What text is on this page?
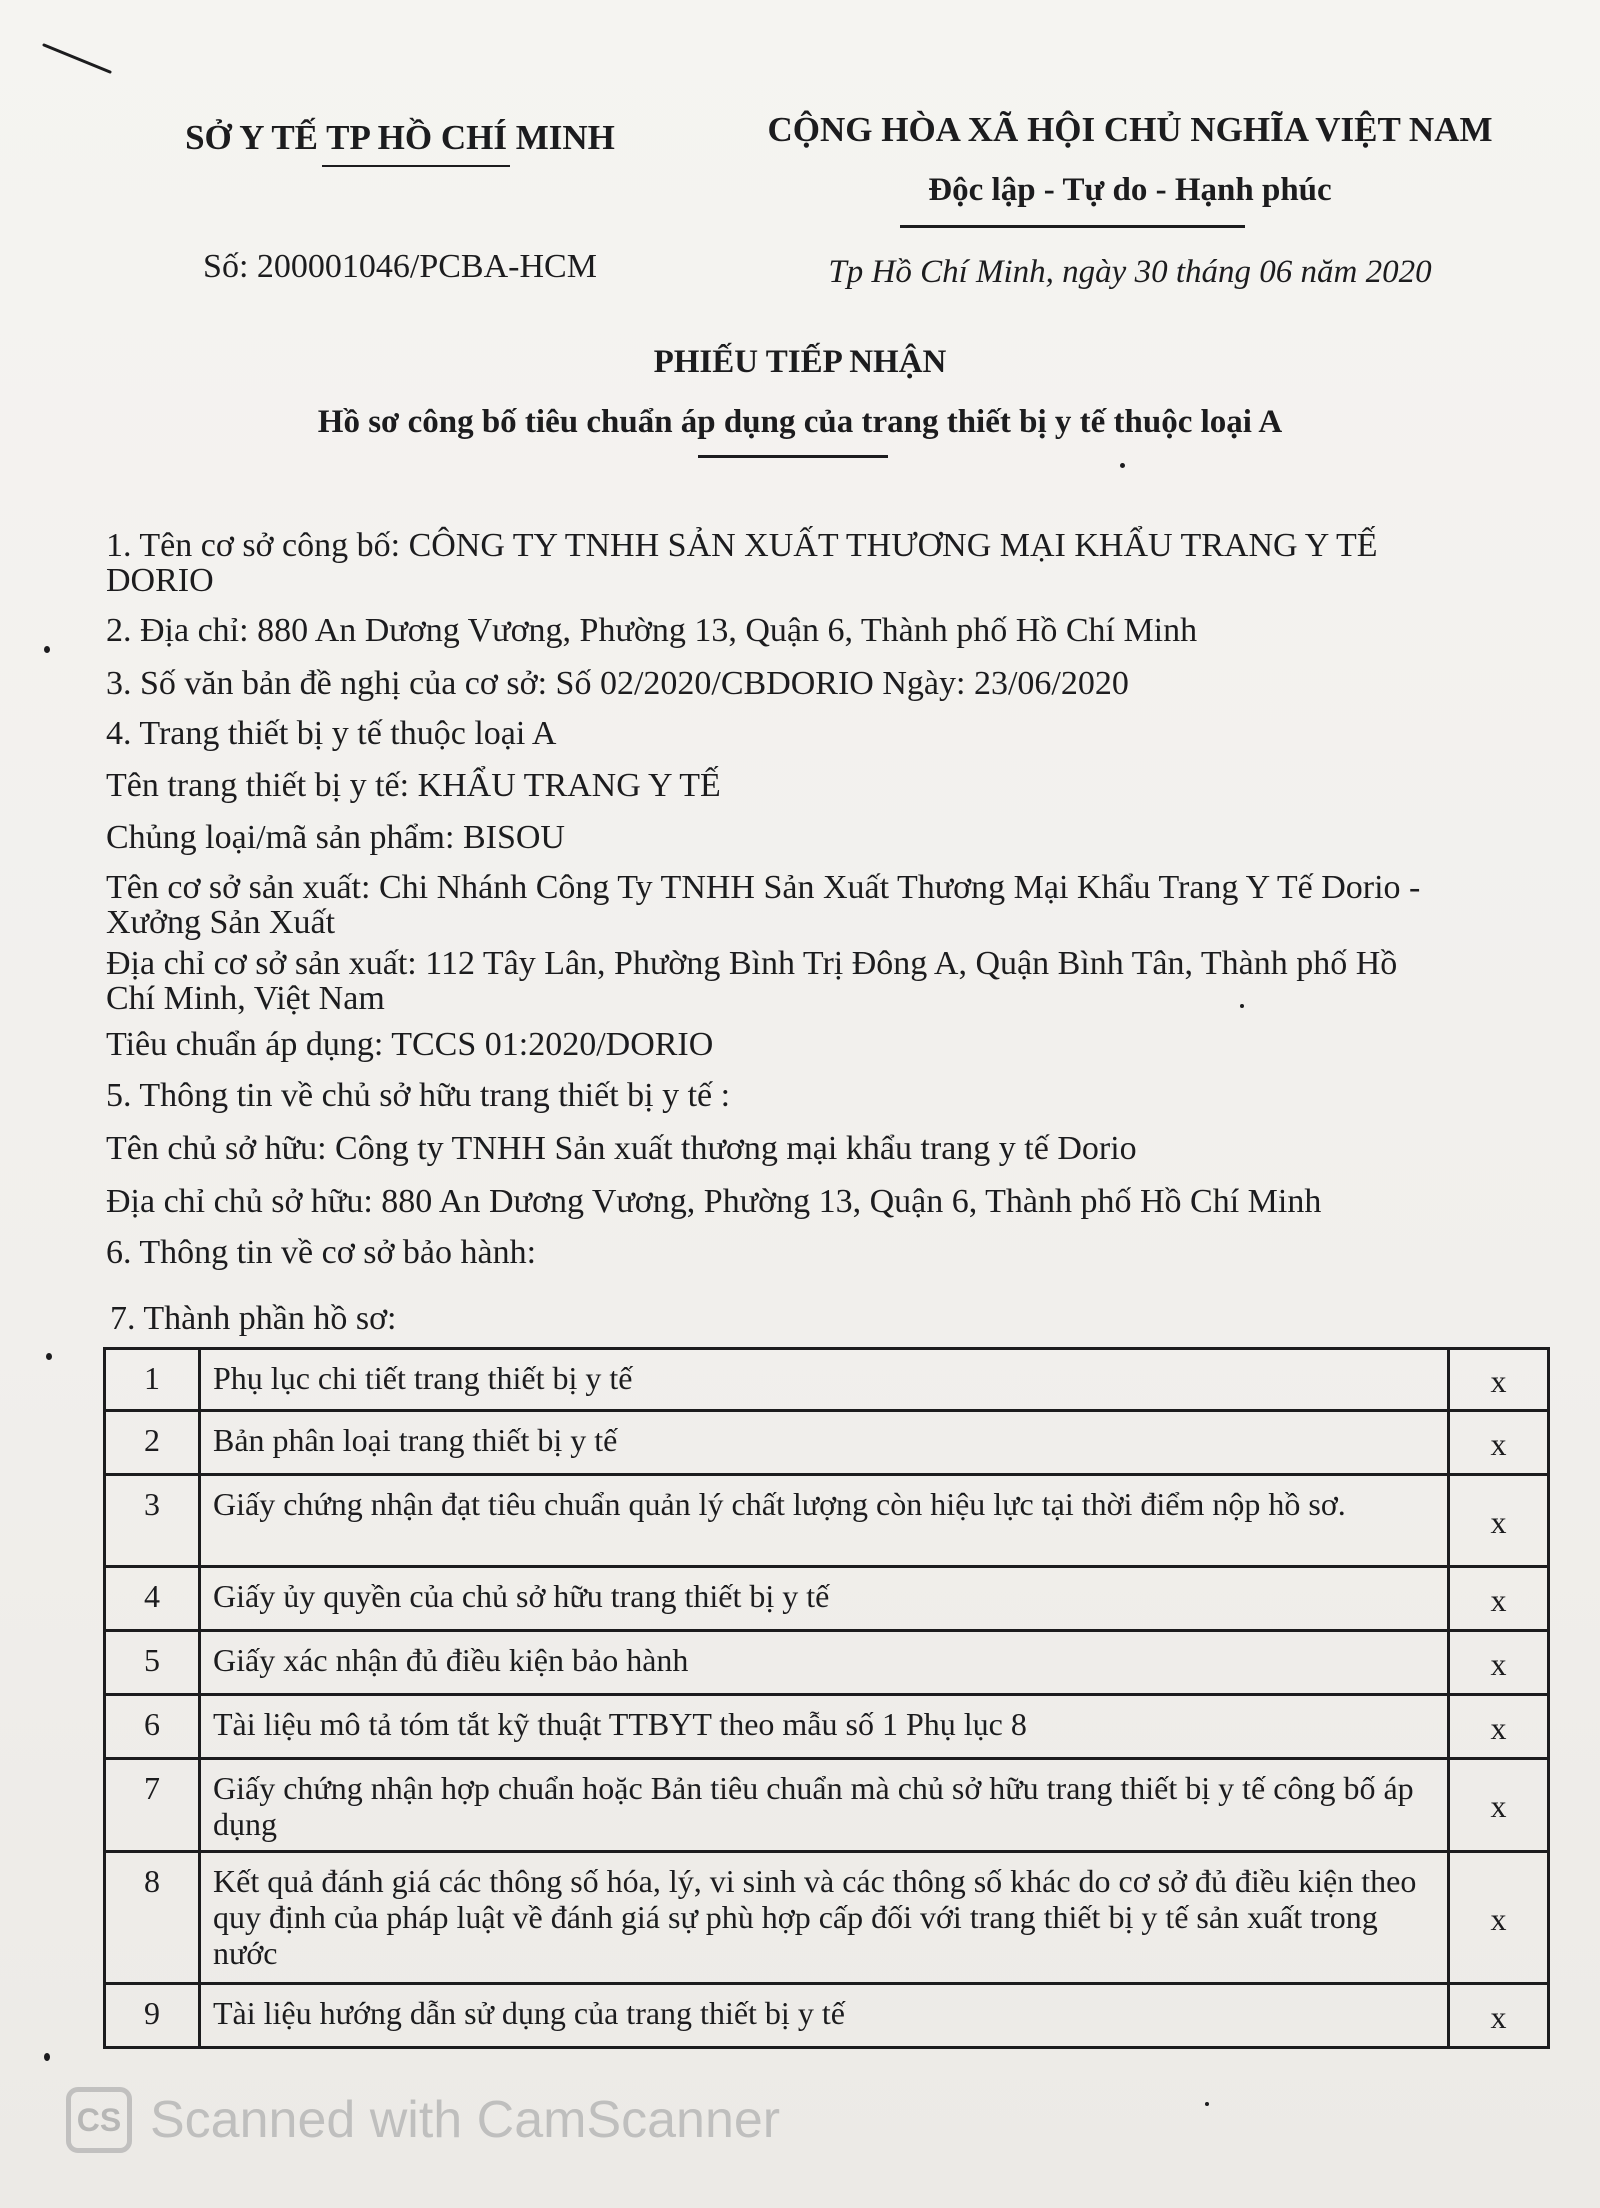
SỞ Y TẾ TP HỒ CHÍ MINH
Số: 200001046/PCBA-HCM
CỘNG HÒA XÃ HỘI CHỦ NGHĨA VIỆT NAM
Độc lập - Tự do - Hạnh phúc
Tp Hồ Chí Minh, ngày 30 tháng 06 năm 2020
PHIẾU TIẾP NHẬN
Hồ sơ công bố tiêu chuẩn áp dụng của trang thiết bị y tế thuộc loại A
1. Tên cơ sở công bố: CÔNG TY TNHH SẢN XUẤT THƯƠNG MẠI KHẨU TRANG Y TẾ
DORIO
2. Địa chỉ: 880 An Dương Vương, Phường 13, Quận 6, Thành phố Hồ Chí Minh
3. Số văn bản đề nghị của cơ sở: Số 02/2020/CBDORIO Ngày: 23/06/2020
4. Trang thiết bị y tế thuộc loại A
Tên trang thiết bị y tế: KHẨU TRANG Y TẾ
Chủng loại/mã sản phẩm: BISOU
Tên cơ sở sản xuất: Chi Nhánh Công Ty TNHH Sản Xuất Thương Mại Khẩu Trang Y Tế Dorio -
Xưởng Sản Xuất
Địa chỉ cơ sở sản xuất: 112 Tây Lân, Phường Bình Trị Đông A, Quận Bình Tân, Thành phố Hồ
Chí Minh, Việt Nam
Tiêu chuẩn áp dụng: TCCS 01:2020/DORIO
5. Thông tin về chủ sở hữu trang thiết bị y tế :
Tên chủ sở hữu: Công ty TNHH Sản xuất thương mại khẩu trang y tế Dorio
Địa chỉ chủ sở hữu: 880 An Dương Vương, Phường 13, Quận 6, Thành phố Hồ Chí Minh
6. Thông tin về cơ sở bảo hành:
7. Thành phần hồ sơ:
1	Phụ lục chi tiết trang thiết bị y tế	x
2	Bản phân loại trang thiết bị y tế	x
3	Giấy chứng nhận đạt tiêu chuẩn quản lý chất lượng còn hiệu lực tại thời điểm nộp hồ sơ.	x
4	Giấy ủy quyền của chủ sở hữu trang thiết bị y tế	x
5	Giấy xác nhận đủ điều kiện bảo hành	x
6	Tài liệu mô tả tóm tắt kỹ thuật TTBYT theo mẫu số 1 Phụ lục 8	x
7	Giấy chứng nhận hợp chuẩn hoặc Bản tiêu chuẩn mà chủ sở hữu trang thiết bị y tế công bố áp dụng	x
8	Kết quả đánh giá các thông số hóa, lý, vi sinh và các thông số khác do cơ sở đủ điều kiện theo quy định của pháp luật về đánh giá sự phù hợp cấp đối với trang thiết bị y tế sản xuất trong nước	x
9	Tài liệu hướng dẫn sử dụng của trang thiết bị y tế	x
CS Scanned with CamScanner
